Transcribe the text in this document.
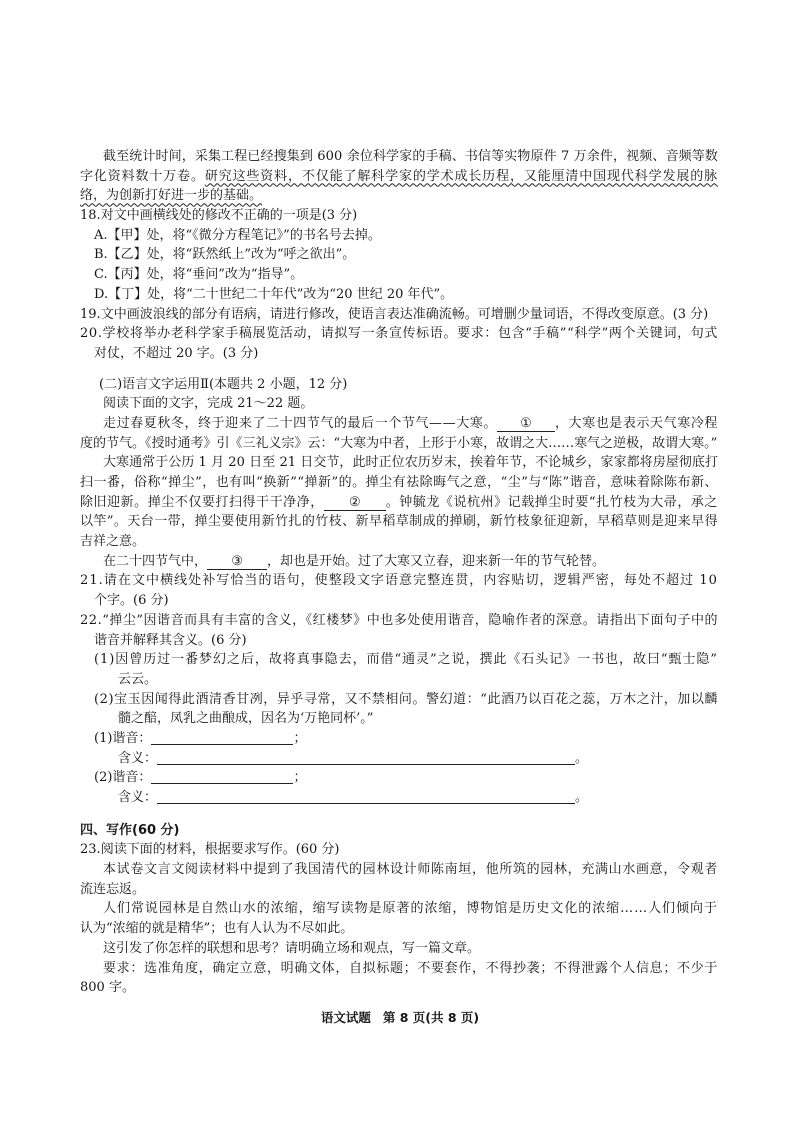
截至统计时间，采集工程已经搜集到 600 余位科学家的手稿、书信等实物原件 7 万余件，视频、音频等数
字化资料数十万卷。研究这些资料，不仅能了解科学家的学术成长历程，又能厘清中国现代科学发展的脉
络，为创新打好进一步的基础。
18.对文中画横线处的修改不正确的一项是(3 分)
A.【甲】处，将“《微分方程笔记》”的书名号去掉。
B.【乙】处，将“跃然纸上”改为“呼之欲出”。
C.【丙】处，将“垂问”改为“指导”。
D.【丁】处，将“二十世纪二十年代”改为“20 世纪 20 年代”。
19.文中画波浪线的部分有语病，请进行修改，使语言表达准确流畅。可增删少量词语，不得改变原意。(3 分)
20.学校将举办老科学家手稿展览活动，请拟写一条宣传标语。要求：包含“手稿”“科学”两个关键词，句式
对仗，不超过 20 字。(3 分)
(二)语言文字运用Ⅱ(本题共 2 小题，12 分)
阅读下面的文字，完成 21～22 题。
走过春夏秋冬，终于迎来了二十四节气的最后一个节气——大寒。 ① ，大寒也是表示天气寒冷程
度的节气。《授时通考》引《三礼义宗》云：“大寒为中者，上形于小寒，故谓之大……寒气之逆极，故谓大寒。”
大寒通常于公历 1 月 20 日至 21 日交节，此时正位农历岁末，挨着年节，不论城乡，家家都将房屋彻底打
扫一番，俗称“掸尘”，也有叫“换新”“掸新”的。掸尘有祛除晦气之意，“尘”与“陈”谐音，意味着除陈布新、
除旧迎新。掸尘不仅要打扫得干干净净， ② 。钟毓龙《说杭州》记载掸尘时要“扎竹枝为大帚，承之
以竿”。天台一带，掸尘要使用新竹扎的竹枝、新早稻草制成的掸刷，新竹枝象征迎新，早稻草则是迎来早得
吉祥之意。
在二十四节气中， ③ ，却也是开始。过了大寒又立春，迎来新一年的节气轮替。
21.请在文中横线处补写恰当的语句，使整段文字语意完整连贯，内容贴切，逻辑严密，每处不超过 10
个字。(6 分)
22.“掸尘”因谐音而具有丰富的含义，《红楼梦》中也多处使用谐音，隐喻作者的深意。请指出下面句子中的
谐音并解释其含义。(6 分)
(1)因曾历过一番梦幻之后，故将真事隐去，而借“通灵”之说，撰此《石头记》一书也，故曰“甄士隐”
云云。
(2)宝玉因闻得此酒清香甘冽，异乎寻常，又不禁相问。警幻道：“此酒乃以百花之蕊，万木之汁，加以麟
髓之醅，凤乳之曲酿成，因名为‘万艳同杯’。”
(1)谐音：	；
含义：	。
(2)谐音：	；
含义：	。
四、写作(60 分)
23.阅读下面的材料，根据要求写作。(60 分)
本试卷文言文阅读材料中提到了我国清代的园林设计师陈南垣，他所筑的园林，充满山水画意，令观者
流连忘返。
人们常说园林是自然山水的浓缩，缩写读物是原著的浓缩，博物馆是历史文化的浓缩……人们倾向于
认为“浓缩的就是精华”；也有人认为不尽如此。
这引发了你怎样的联想和思考？请明确立场和观点，写一篇文章。
要求：选准角度，确定立意，明确文体，自拟标题；不要套作，不得抄袭；不得泄露个人信息；不少于
800 字。
语文试题 第 8 页(共 8 页)
